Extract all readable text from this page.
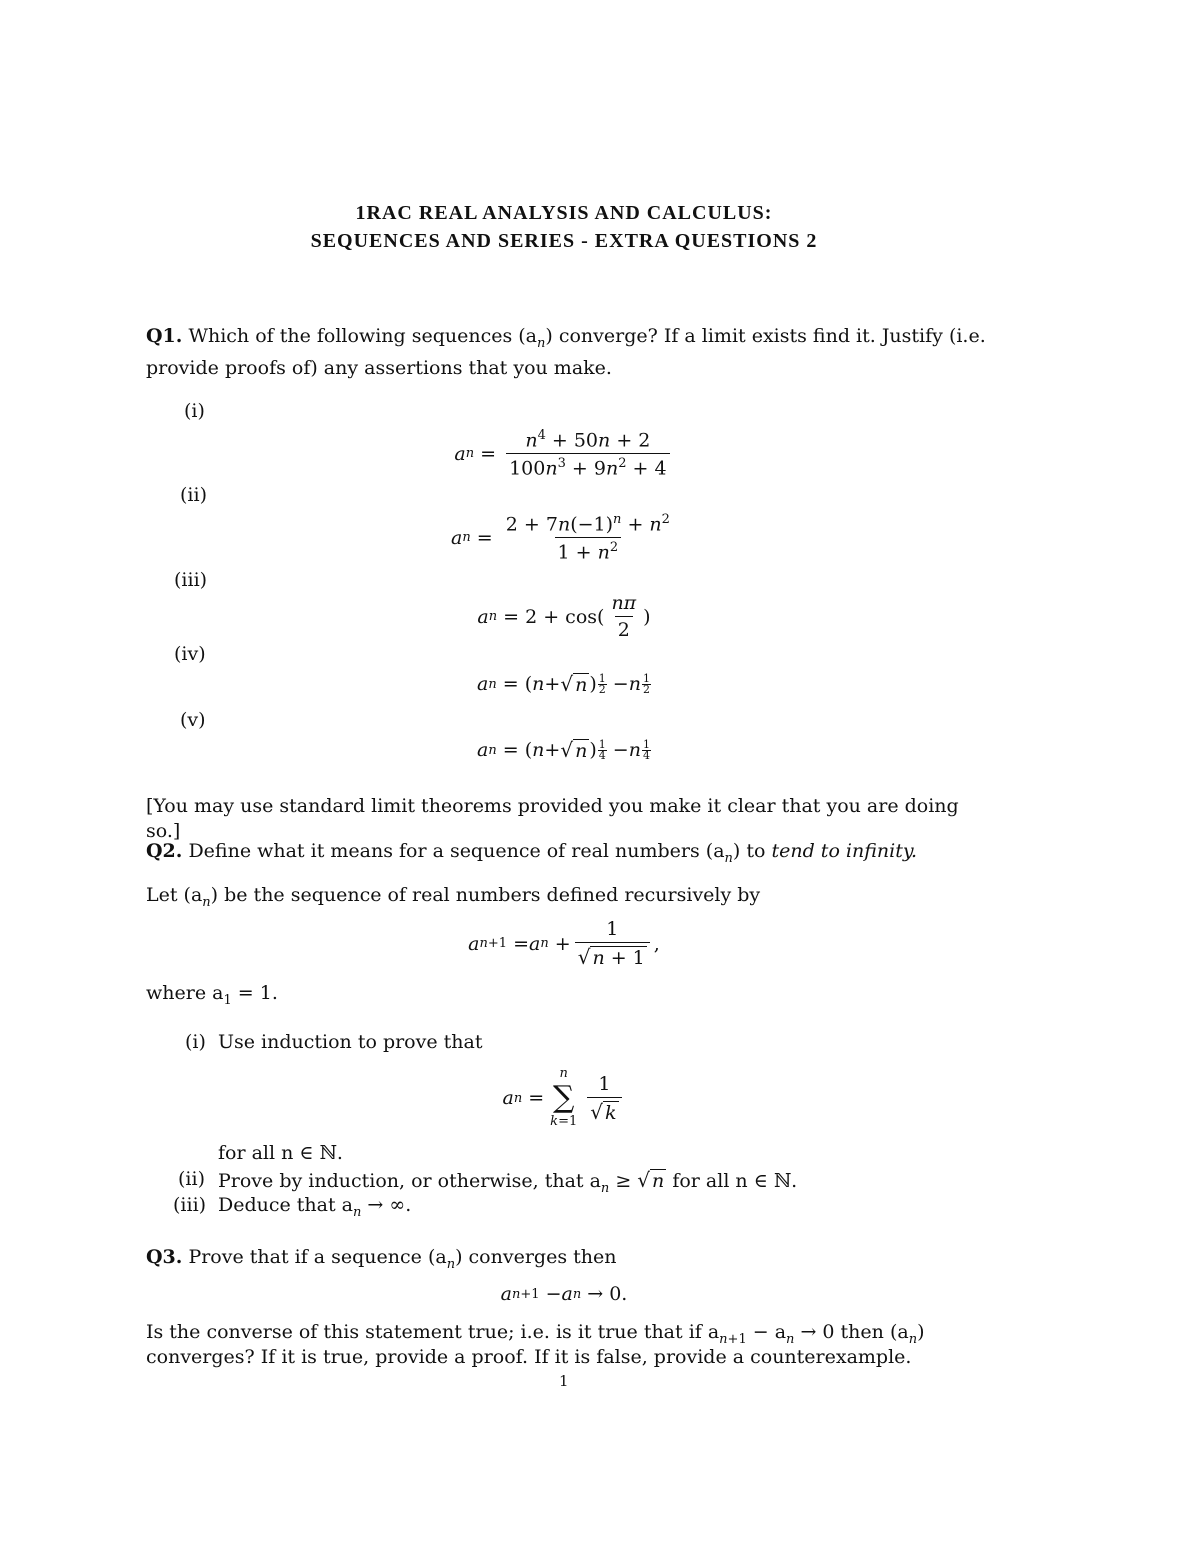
1RAC REAL ANALYSIS AND CALCULUS:
SEQUENCES AND SERIES - EXTRA QUESTIONS 2
Q1. Which of the following sequences $(a_n)$ converge? If a limit exists find it. Justify (i.e. provide proofs of) any assertions that you make.
(i)
a $n = \frac{n^4 + 50n + 2}{100n^3 + 9n^2 + 4}$
(ii)
a $n = \frac{2 + 7n(-1)^n + n^2}{1 + n^2}$
(iii)
a $n = 2 + \cos( \frac{n\pi}{2}$ )
(iv)
a n = ( n + √ n ) 1
2 − n 1
2
(v)
a n = ( n + √ n ) 1
4 − n 1
4
[You may use standard limit theorems provided you make it clear that you are doing so.]
Q2. Define what it means for a sequence of real numbers $(a_n)$ to tend to infinity.
Let $(a_n)$ be the sequence of real numbers defined recursively by
a n+1 = a $n + \frac{1}{√ n + 1}$ ,
where $a_1 = 1$.
(i) Use induction to prove that
a n =
n
∑
$k=1 \frac{1}{√ k}$
for all n ∈ ℕ.
(ii) Prove by induction, or otherwise, that $a_n$ ≥ √ n for all n ∈ ℕ.
(iii) Deduce that $a_n$ → ∞.
Q3. Prove that if a sequence $(a_n)$ converges then
a n+1 − a n → 0.
Is the converse of this statement true; i.e. is it true that if $a_{n+1} - a_n \to 0$ then $(a_n)$
converges? If it is true, provide a proof. If it is false, provide a counterexample.
1
